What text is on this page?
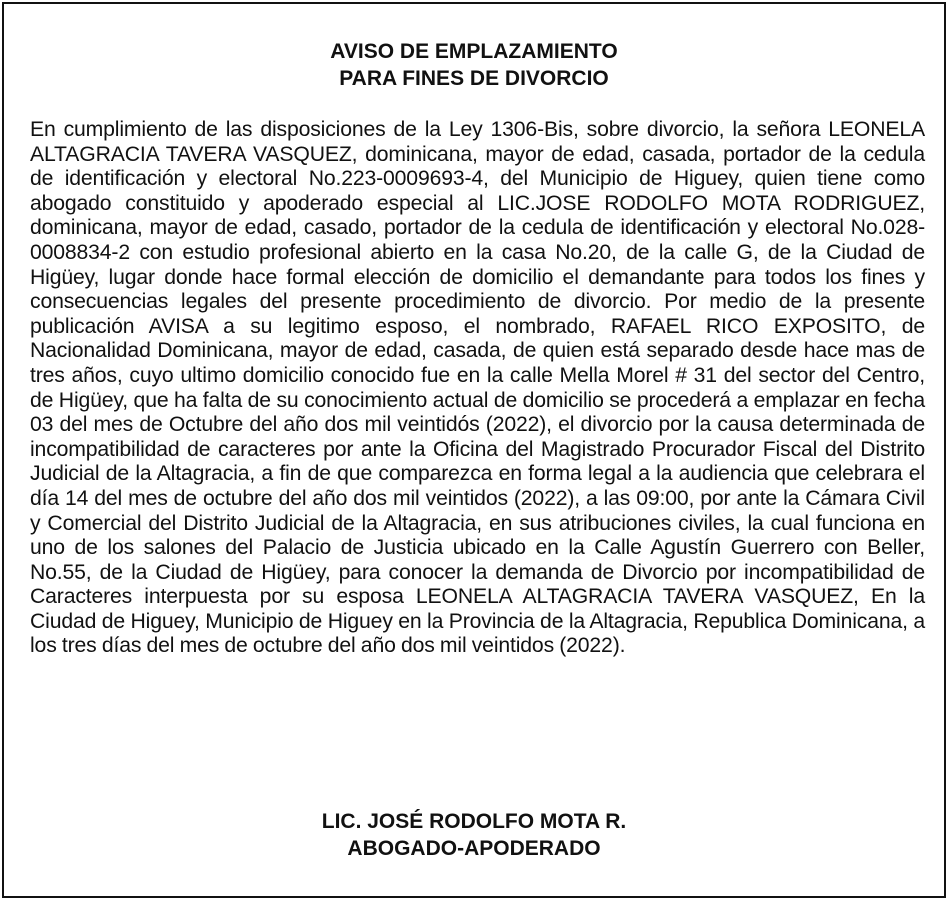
AVISO DE EMPLAZAMIENTO
PARA FINES DE DIVORCIO

En cumplimiento de las disposiciones de la Ley 1306-Bis, sobre divorcio, la señora LEONELA ALTAGRACIA TAVERA VASQUEZ, dominicana, mayor de edad, casada, portador de la cedula de identificación y electoral No.223-0009693-4, del Municipio de Higuey, quien tiene como abogado constituido y apoderado especial al LIC.JOSE RODOLFO MOTA RODRIGUEZ, dominicana, mayor de edad, casado, portador de la cedula de identificación y electoral No.028-0008834-2 con estudio profesional abierto en la casa No.20, de la calle G, de la Ciudad de Higüey, lugar donde hace formal elección de domicilio el demandante para todos los fines y consecuencias legales del presente procedimiento de divorcio. Por medio de la presente publicación AVISA a su legitimo esposo, el nombrado, RAFAEL RICO EXPOSITO, de Nacionalidad Dominicana, mayor de edad, casada, de quien está separado desde hace mas de tres años, cuyo ultimo domicilio conocido fue en la calle Mella Morel # 31 del sector del Centro, de Higüey, que ha falta de su conocimiento actual de domicilio se procederá a emplazar en fecha 03 del mes de Octubre del año dos mil veintidós (2022), el divorcio por la causa determinada de incompatibilidad de caracteres por ante la Oficina del Magistrado Procurador Fiscal del Distrito Judicial de la Altagracia, a fin de que comparezca en forma legal a la audiencia que celebrara el día 14 del mes de octubre del año dos mil veintidos (2022), a las 09:00, por ante la Cámara Civil y Comercial del Distrito Judicial de la Altagracia, en sus atribuciones civiles, la cual funciona en uno de los salones del Palacio de Justicia ubicado en la Calle Agustín Guerrero con Beller, No.55, de la Ciudad de Higüey, para conocer la demanda de Divorcio por incompatibilidad de Caracteres interpuesta por su esposa LEONELA ALTAGRACIA TAVERA VASQUEZ, En la Ciudad de Higuey, Municipio de Higuey en la Provincia de la Altagracia, Republica Dominicana, a los tres días del mes de octubre del año dos mil veintidos (2022).

LIC. JOSÉ RODOLFO MOTA R.
ABOGADO-APODERADO
